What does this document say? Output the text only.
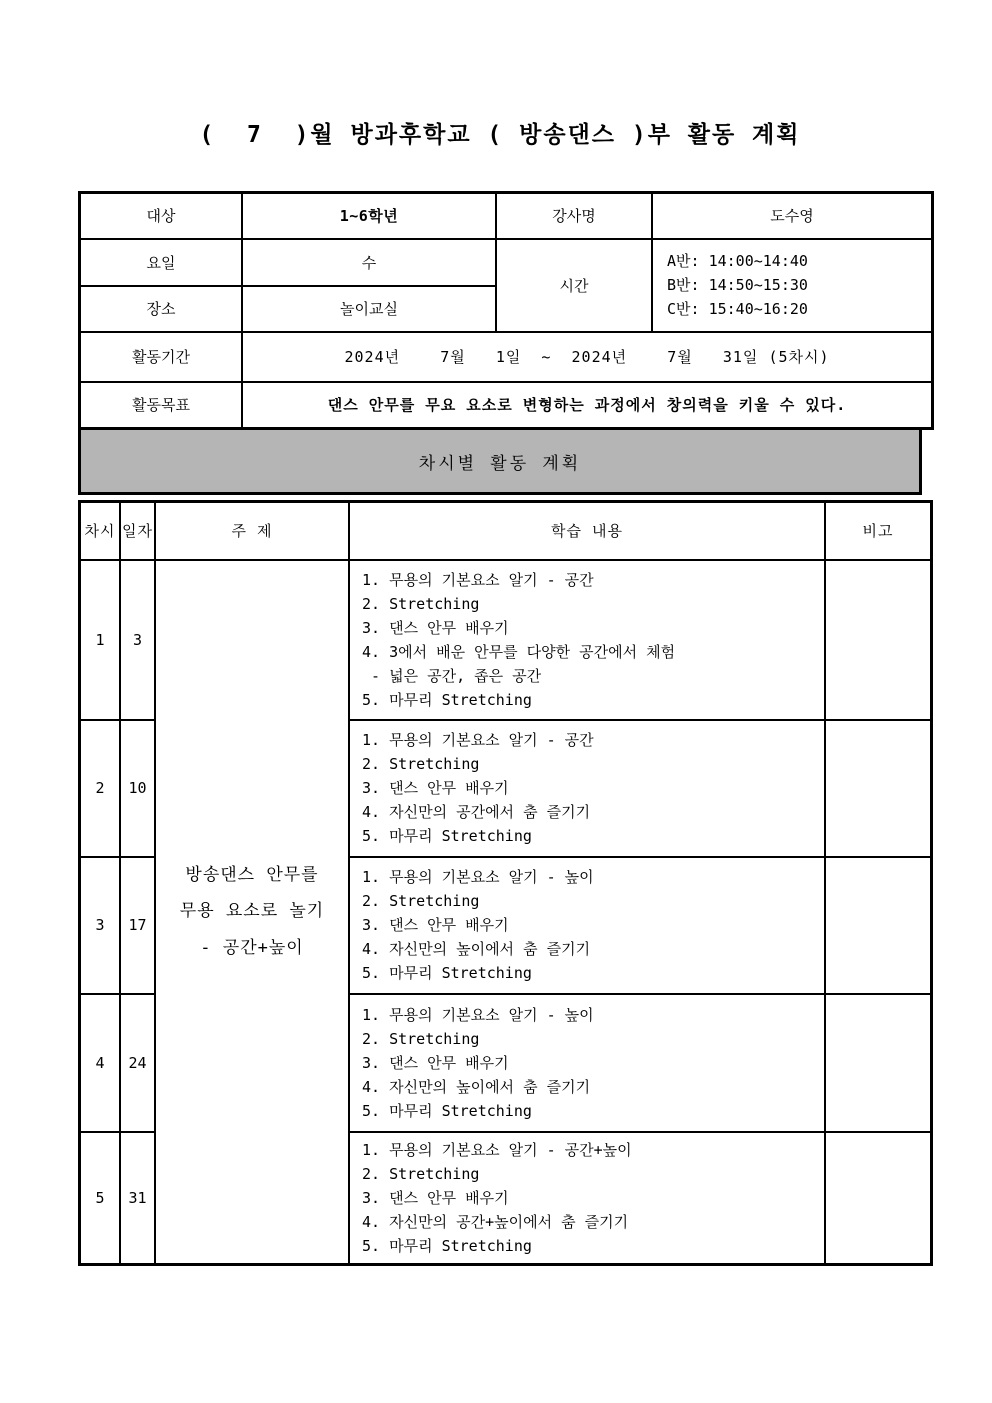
(  7  )월 방과후학교 ( 방송댄스 )부 활동 계획
대상	1~6학년	강사명	도수영
요일	수	시간	A반: 14:00~14:40
B반: 14:50~15:30
C반: 15:40~16:20
장소	놀이교실		
활동기간	2024년    7월   1일  ~  2024년    7월   31일 (5차시)		
활동목표	댄스 안무를 무요 요소로 변형하는 과정에서 창의력을 키울 수 있다.		
차시별 활동 계획
차시	일자	주 제	학습 내용	비고
1	3	방송댄스 안무를
무용 요소로 놀기
- 공간+높이	1. 무용의 기본요소 알기 - 공간
2. Stretching
3. 댄스 안무 배우기
4. 3에서 배운 안무를 다양한 공간에서 체험
- 넓은 공간, 좁은 공간
5. 마무리 Stretching	
2	10		1. 무용의 기본요소 알기 - 공간
2. Stretching
3. 댄스 안무 배우기
4. 자신만의 공간에서 춤 즐기기
5. 마무리 Stretching	
3	17		1. 무용의 기본요소 알기 - 높이
2. Stretching
3. 댄스 안무 배우기
4. 자신만의 높이에서 춤 즐기기
5. 마무리 Stretching	
4	24		1. 무용의 기본요소 알기 - 높이
2. Stretching
3. 댄스 안무 배우기
4. 자신만의 높이에서 춤 즐기기
5. 마무리 Stretching	
5	31		1. 무용의 기본요소 알기 - 공간+높이
2. Stretching
3. 댄스 안무 배우기
4. 자신만의 공간+높이에서 춤 즐기기
5. 마무리 Stretching	
